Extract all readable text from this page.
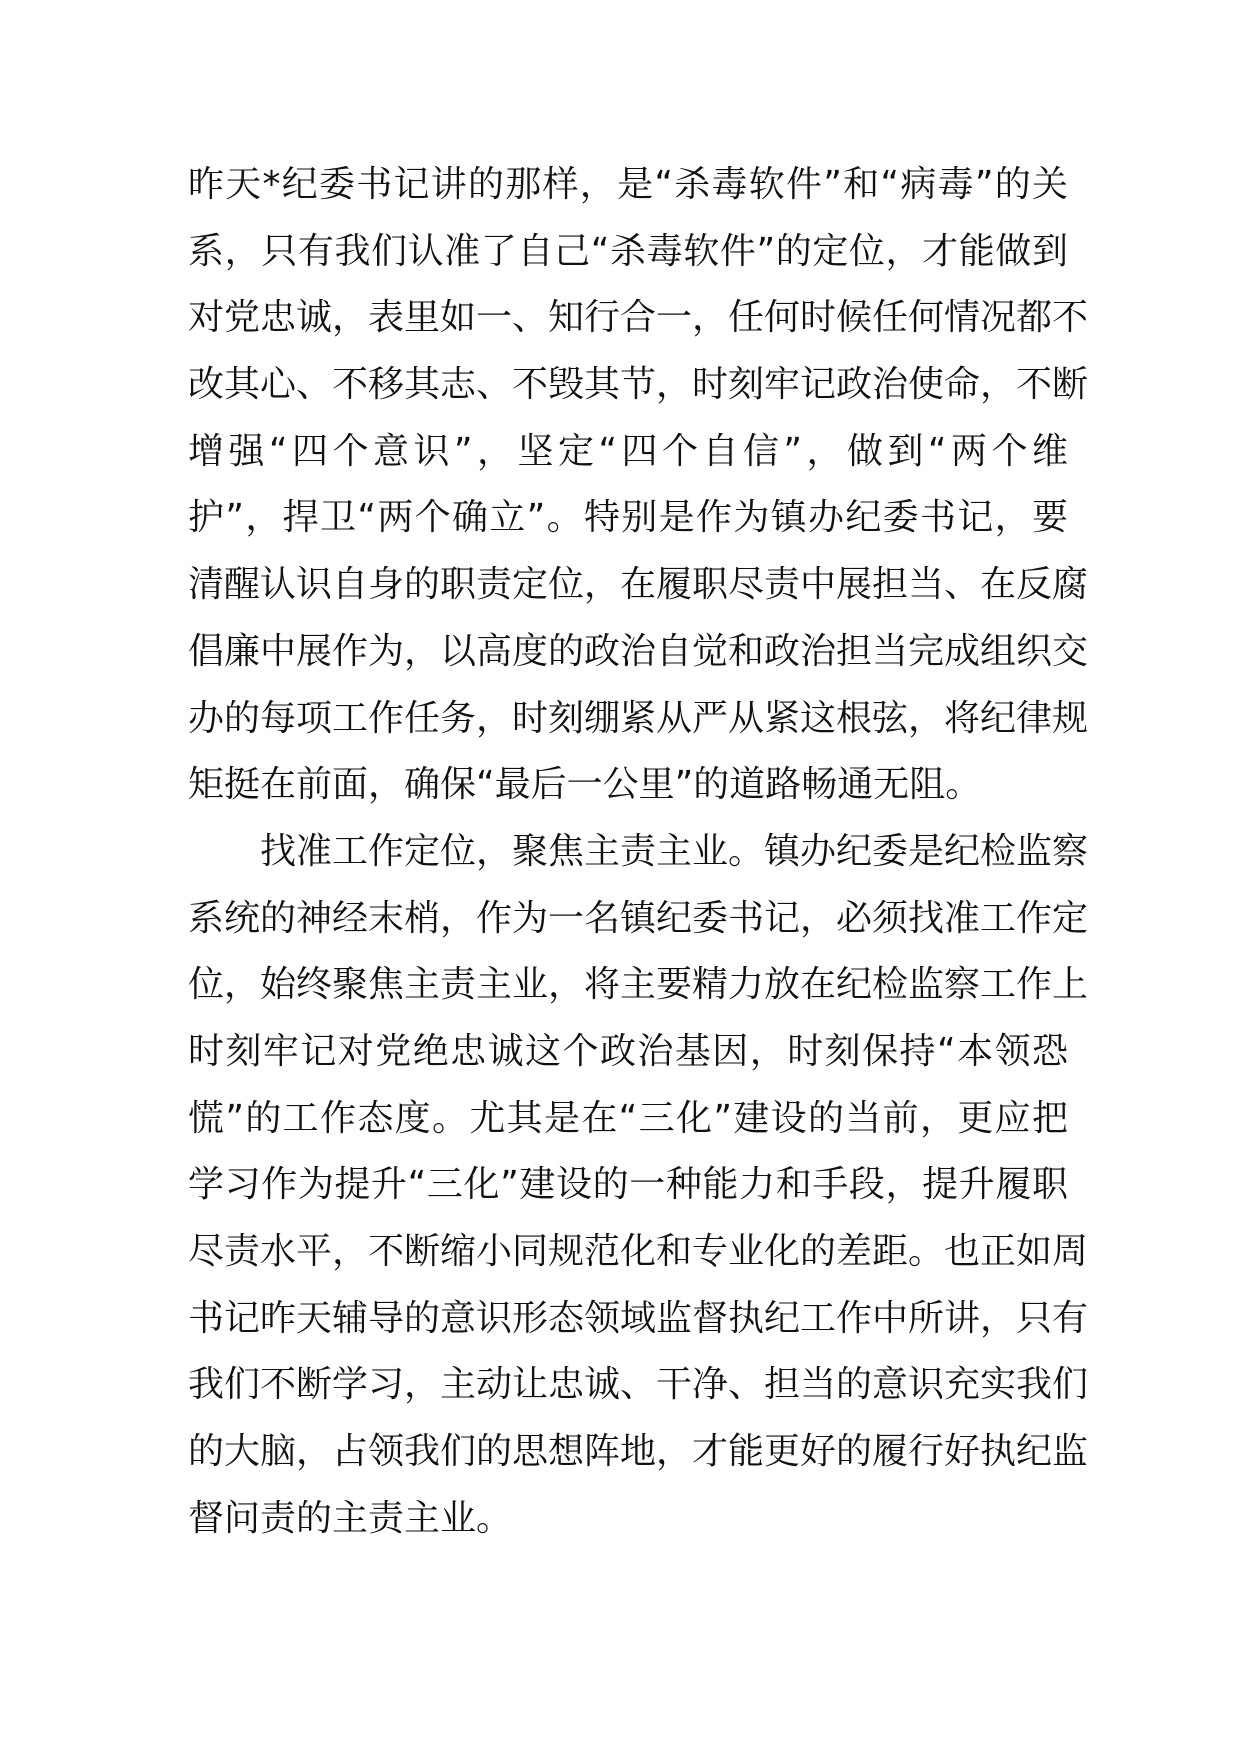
昨天*纪委书记讲的那样，是“杀毒软件”和“病毒”的关
系，只有我们认准了自己“杀毒软件”的定位，才能做到
对党忠诚，表里如一、知行合一，任何时候任何情况都不
改其心、不移其志、不毁其节，时刻牢记政治使命，不断
增强“四个意识”，坚定“四个自信”，做到“两个维
护”，捍卫“两个确立”。特别是作为镇办纪委书记，要
清醒认识自身的职责定位，在履职尽责中展担当、在反腐
倡廉中展作为，以高度的政治自觉和政治担当完成组织交
办的每项工作任务，时刻绷紧从严从紧这根弦，将纪律规
矩挺在前面，确保“最后一公里”的道路畅通无阻。
找准工作定位，聚焦主责主业。镇办纪委是纪检监察
系统的神经末梢，作为一名镇纪委书记，必须找准工作定
位，始终聚焦主责主业，将主要精力放在纪检监察工作上
时刻牢记对党绝忠诚这个政治基因，时刻保持“本领恐
慌”的工作态度。尤其是在“三化”建设的当前，更应把
学习作为提升“三化”建设的一种能力和手段，提升履职
尽责水平，不断缩小同规范化和专业化的差距。也正如周
书记昨天辅导的意识形态领域监督执纪工作中所讲，只有
我们不断学习，主动让忠诚、干净、担当的意识充实我们
的大脑，占领我们的思想阵地，才能更好的履行好执纪监
督问责的主责主业。
